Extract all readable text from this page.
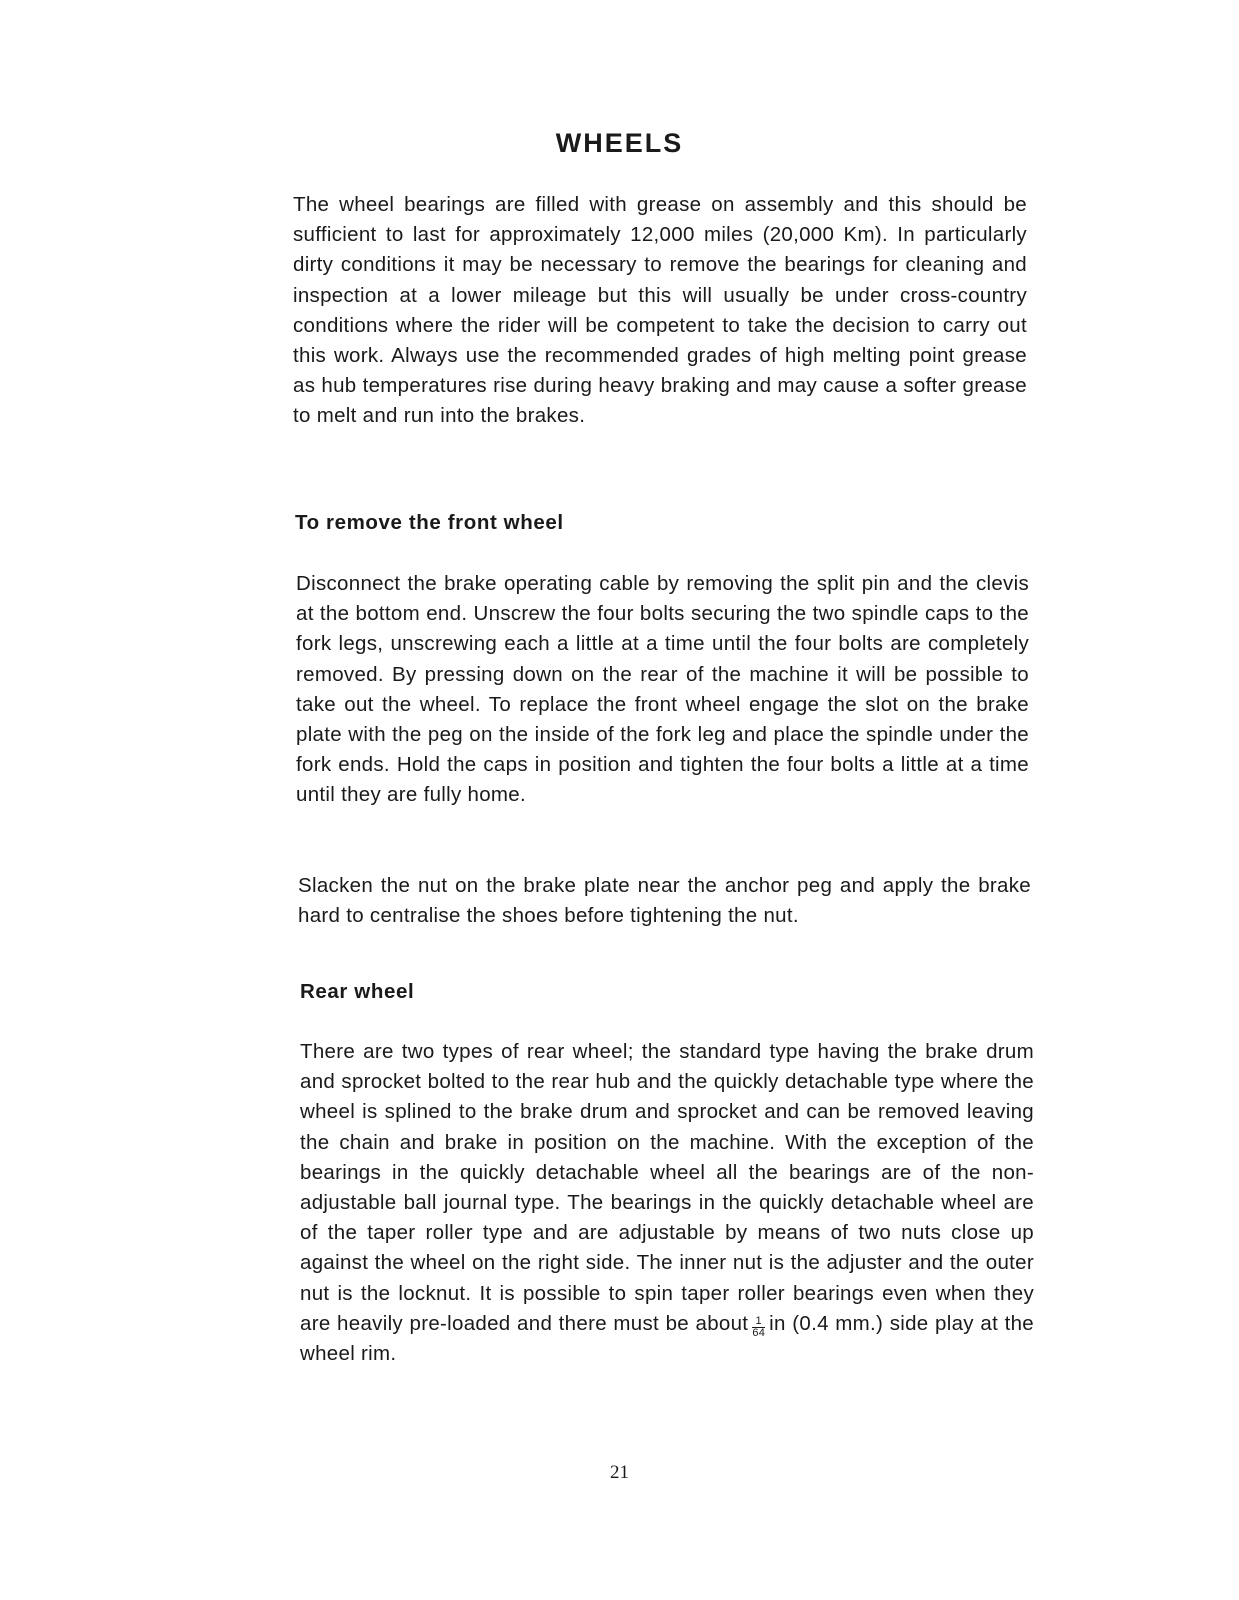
WHEELS

The wheel bearings are filled with grease on assembly and this should be sufficient to last for approximately 12,000 miles (20,000 Km). In particularly dirty conditions it may be necessary to remove the bearings for cleaning and inspection at a lower mileage but this will usually be under cross-country conditions where the rider will be competent to take the decision to carry out this work. Always use the recommended grades of high melting point grease as hub temperatures rise during heavy braking and may cause a softer grease to melt and run into the brakes.

To remove the front wheel

Disconnect the brake operating cable by removing the split pin and the clevis at the bottom end. Unscrew the four bolts securing the two spindle caps to the fork legs, unscrewing each a little at a time until the four bolts are completely removed. By pressing down on the rear of the machine it will be possible to take out the wheel. To replace the front wheel engage the slot on the brake plate with the peg on the inside of the fork leg and place the spindle under the fork ends. Hold the caps in position and tighten the four bolts a little at a time until they are fully home.

Slacken the nut on the brake plate near the anchor peg and apply the brake hard to centralise the shoes before tightening the nut.

Rear wheel

There are two types of rear wheel; the standard type having the brake drum and sprocket bolted to the rear hub and the quickly detachable type where the wheel is splined to the brake drum and sprocket and can be removed leaving the chain and brake in position on the machine. With the exception of the bearings in the quickly detachable wheel all the bearings are of the non-adjustable ball journal type. The bearings in the quickly detachable wheel are of the taper roller type and are adjustable by means of two nuts close up against the wheel on the right side. The inner nut is the adjuster and the outer nut is the locknut. It is possible to spin taper roller bearings even when they are heavily pre-loaded and there must be about $\frac{1}{64}$ in (0.4 mm.) side play at the wheel rim.

21
